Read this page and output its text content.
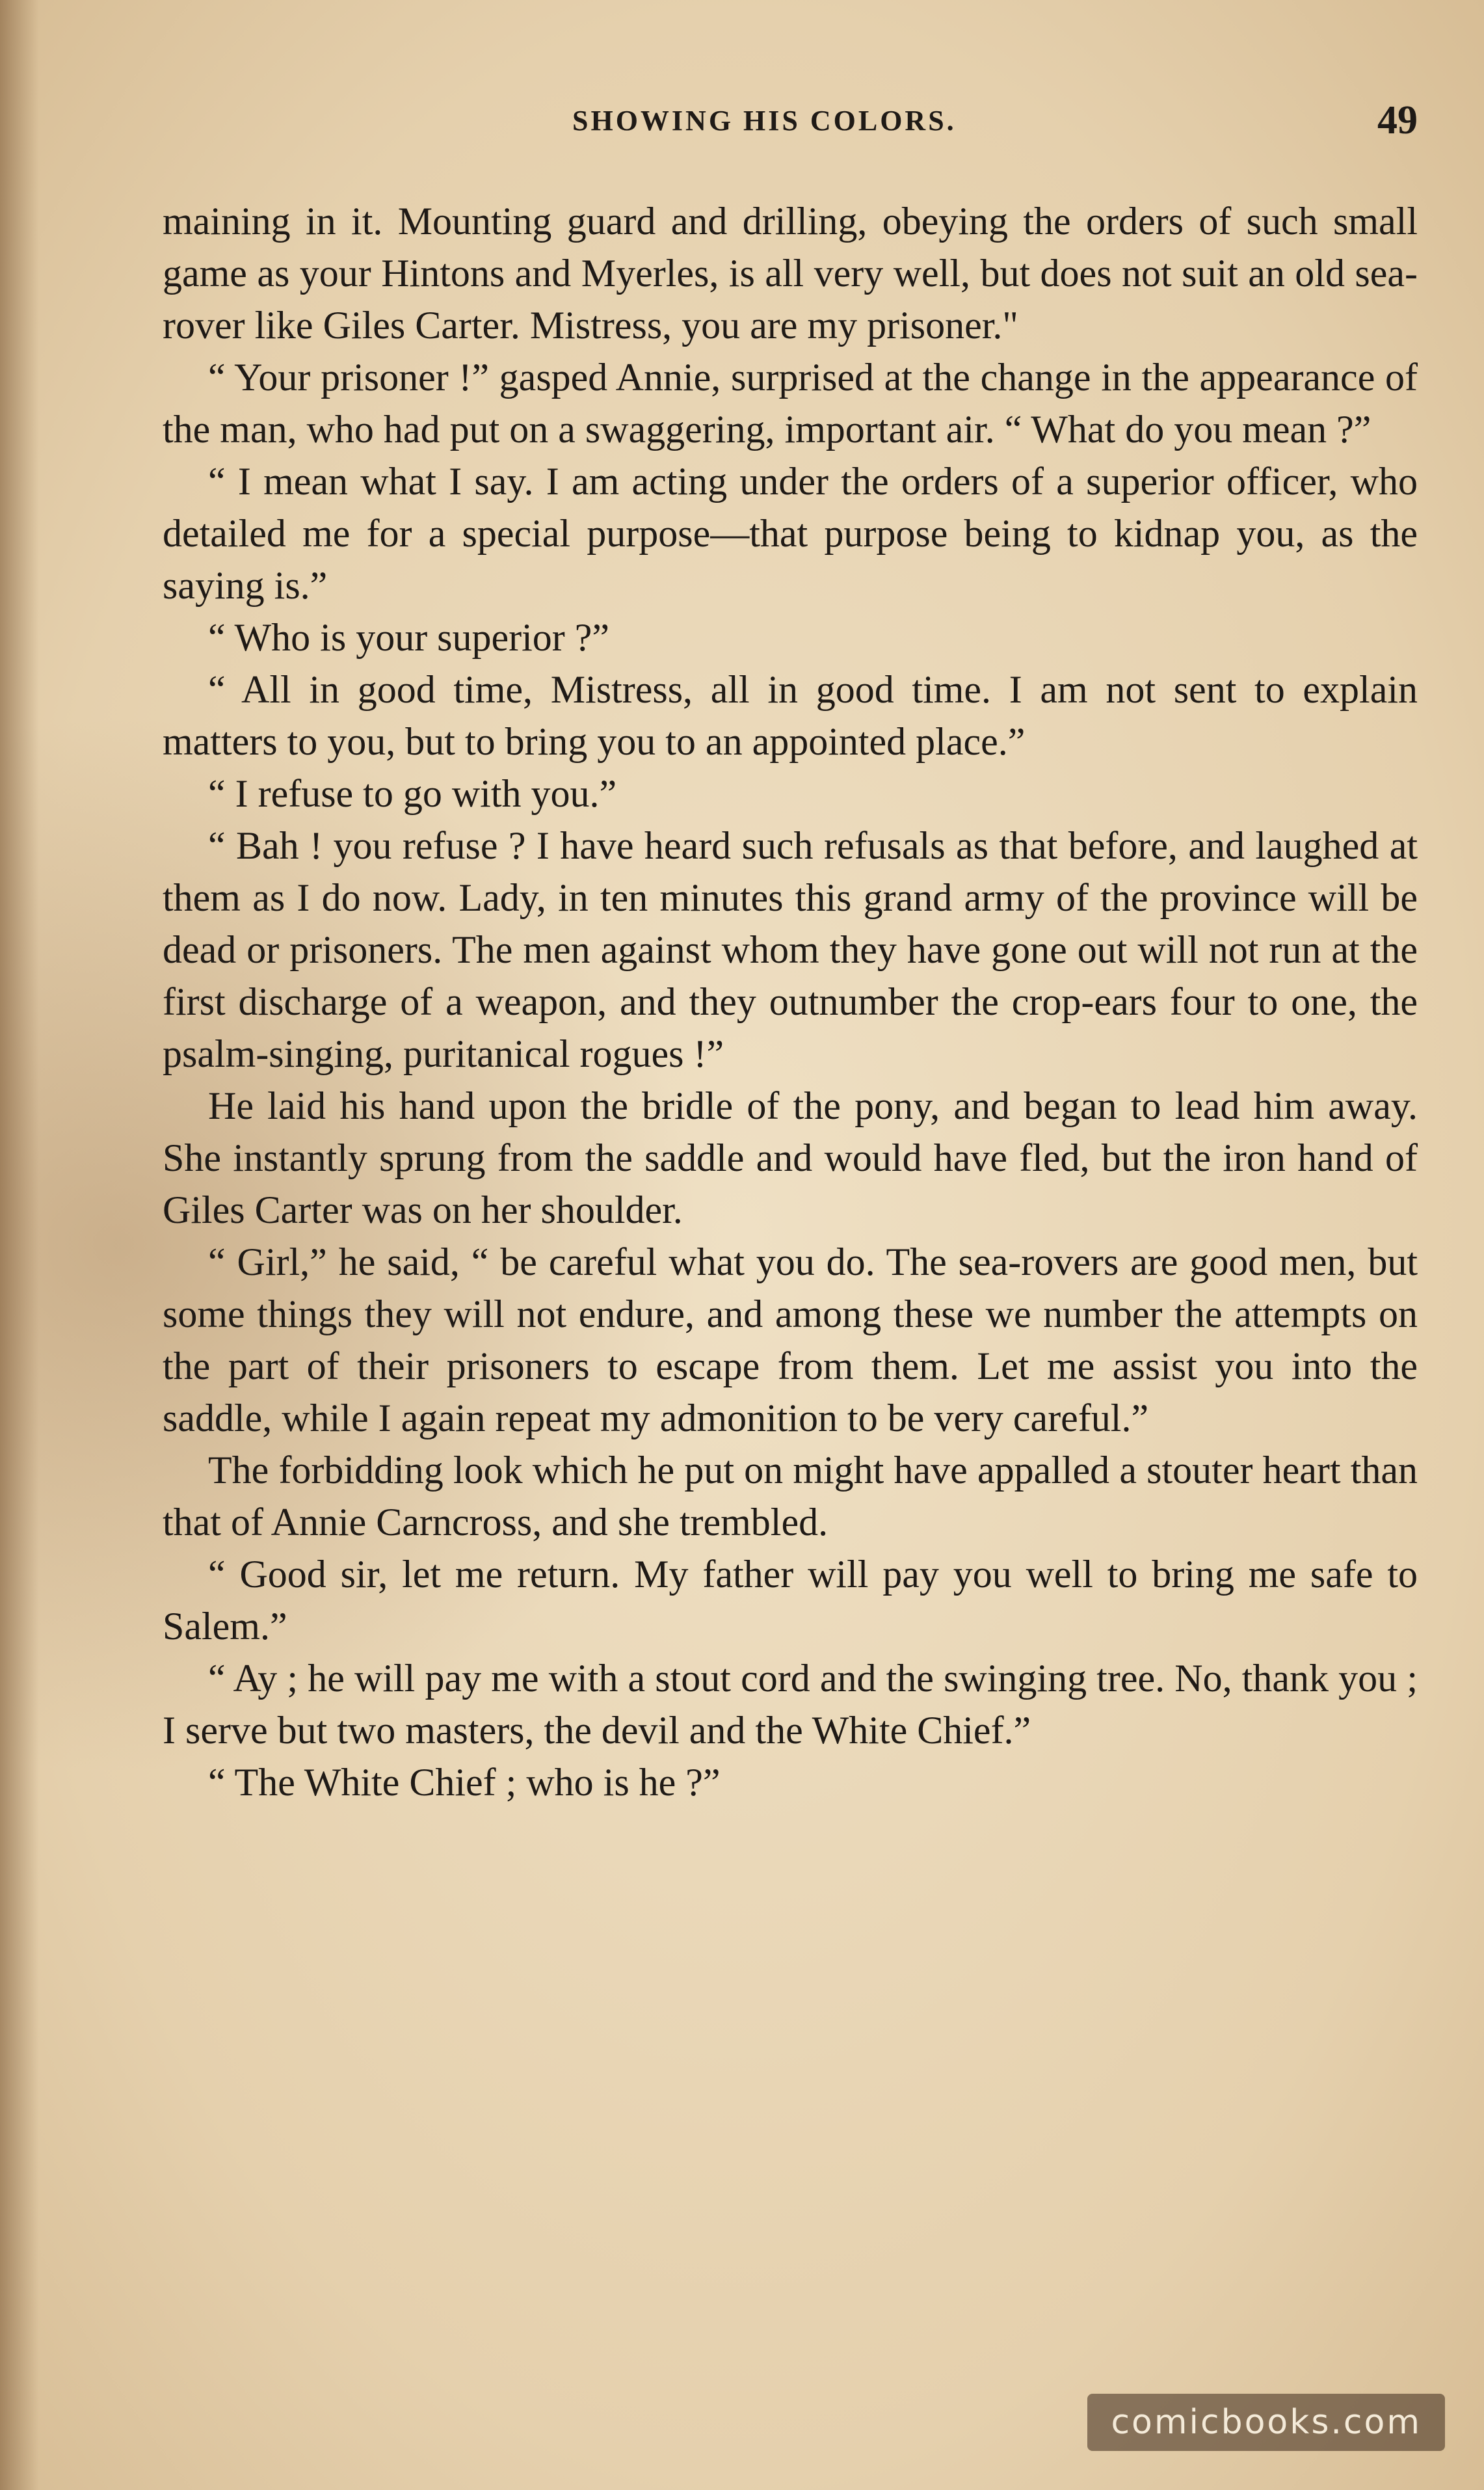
SHOWING HIS COLORS.	49

maining in it. Mounting guard and drilling, obeying the orders of such small game as your Hintons and Myerles, is all very well, but does not suit an old sea-rover like Giles Carter. Mistress, you are my prisoner."

“ Your prisoner !” gasped Annie, surprised at the change in the appearance of the man, who had put on a swaggering, important air. “ What do you mean ?”

“ I mean what I say. I am acting under the orders of a superior officer, who detailed me for a special purpose—that purpose being to kidnap you, as the saying is.”

“ Who is your superior ?”

“ All in good time, Mistress, all in good time. I am not sent to explain matters to you, but to bring you to an appointed place.”

“ I refuse to go with you.”

“ Bah ! you refuse ? I have heard such refusals as that before, and laughed at them as I do now. Lady, in ten minutes this grand army of the province will be dead or prisoners. The men against whom they have gone out will not run at the first discharge of a weapon, and they outnumber the crop-ears four to one, the psalm-singing, puritanical rogues !”

He laid his hand upon the bridle of the pony, and began to lead him away. She instantly sprung from the saddle and would have fled, but the iron hand of Giles Carter was on her shoulder.

“ Girl,” he said, “ be careful what you do. The sea-rovers are good men, but some things they will not endure, and among these we number the attempts on the part of their prisoners to escape from them. Let me assist you into the saddle, while I again repeat my admonition to be very careful.”

The forbidding look which he put on might have appalled a stouter heart than that of Annie Carncross, and she trembled.

“ Good sir, let me return. My father will pay you well to bring me safe to Salem.”

“ Ay ; he will pay me with a stout cord and the swinging tree. No, thank you ; I serve but two masters, the devil and the White Chief.”

“ The White Chief ; who is he ?”

comicbooks.com
